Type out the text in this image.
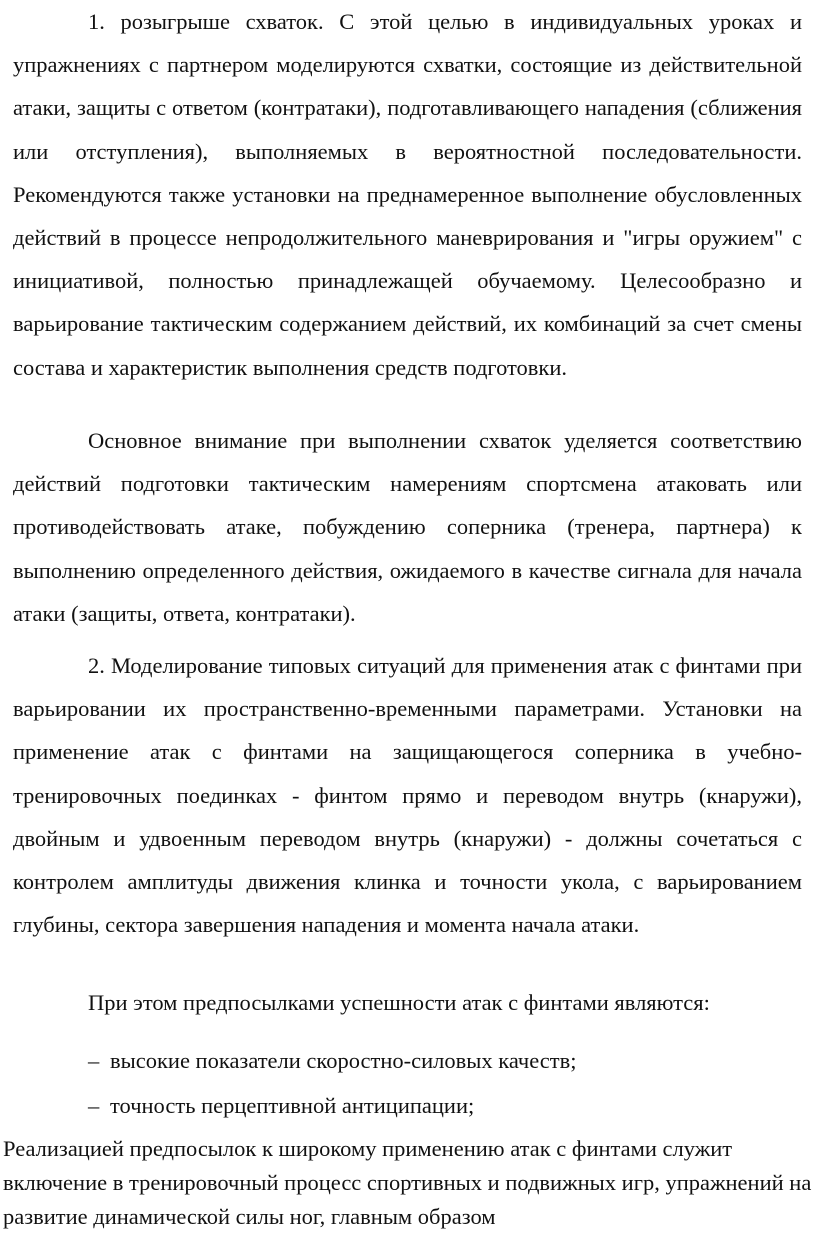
1. розыгрыше схваток. С этой целью в индивидуальных уроках и упражнениях с партнером моделируются схватки, состоящие из действительной атаки, защиты с ответом (контратаки), подготавливающего нападения (сближения или отступления), выполняемых в вероятностной последовательности. Рекомендуются также установки на преднамеренное выполнение обусловленных действий в процессе непродолжительного маневрирования и "игры оружием" с инициативой, полностью принадлежащей обучаемому. Целесообразно и варьирование тактическим содержанием действий, их комбинаций за счет смены состава и характеристик выполнения средств подготовки.

Основное внимание при выполнении схваток уделяется соответствию действий подготовки тактическим намерениям спортсмена атаковать или противодействовать атаке, побуждению соперника (тренера, партнера) к выполнению определенного действия, ожидаемого в качестве сигнала для начала атаки (защиты, ответа, контратаки).

2. Моделирование типовых ситуаций для применения атак с финтами при варьировании их пространственно-временными параметрами. Установки на применение атак с финтами на защищающегося соперника в учебно-тренировочных поединках - финтом прямо и переводом внутрь (кнаружи), двойным и удвоенным переводом внутрь (кнаружи) - должны сочетаться с контролем амплитуды движения клинка и точности укола, с варьированием глубины, сектора завершения нападения и момента начала атаки.

При этом предпосылками успешности атак с финтами являются:

– высокие показатели скоростно-силовых качеств;

– точность перцептивной антиципации;

Реализацией предпосылок к широкому применению атак с финтами служит включение в тренировочный процесс спортивных и подвижных игр, упражнений на развитие динамической силы ног, главным образом
